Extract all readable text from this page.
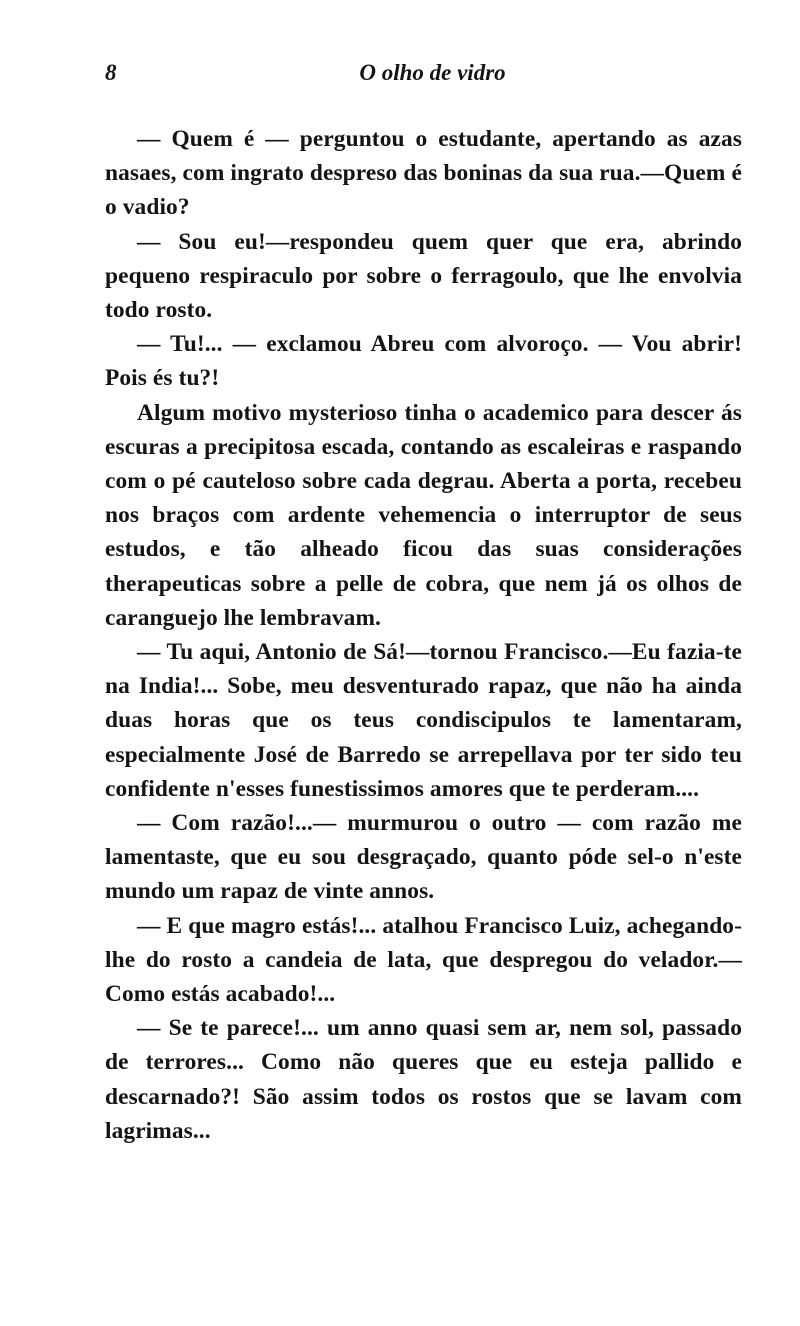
8	O olho de vidro

— Quem é — perguntou o estudante, apertando as azas nasaes, com ingrato despreso das boninas da sua rua.—Quem é o vadio?

— Sou eu!—respondeu quem quer que era, abrindo pequeno respiraculo por sobre o ferragoulo, que lhe envolvia todo rosto.

— Tu!... — exclamou Abreu com alvoroço. — Vou abrir! Pois és tu?!

Algum motivo mysterioso tinha o academico para descer ás escuras a precipitosa escada, contando as escaleiras e raspando com o pé cauteloso sobre cada degrau. Aberta a porta, recebeu nos braços com ardente vehemencia o interruptor de seus estudos, e tão alheado ficou das suas considerações therapeuticas sobre a pelle de cobra, que nem já os olhos de caranguejo lhe lembravam.

— Tu aqui, Antonio de Sá!—tornou Francisco.—Eu fazia-te na India!... Sobe, meu desventurado rapaz, que não ha ainda duas horas que os teus condiscipulos te lamentaram, especialmente José de Barredo se arrepellava por ter sido teu confidente n'esses funestissimos amores que te perderam....

— Com razão!...— murmurou o outro — com razão me lamentaste, que eu sou desgraçado, quanto póde sel-o n'este mundo um rapaz de vinte annos.

— E que magro estás!... atalhou Francisco Luiz, achegando-lhe do rosto a candeia de lata, que despregou do velador.—Como estás acabado!...

— Se te parece!... um anno quasi sem ar, nem sol, passado de terrores... Como não queres que eu esteja pallido e descarnado?! São assim todos os rostos que se lavam com lagrimas...
